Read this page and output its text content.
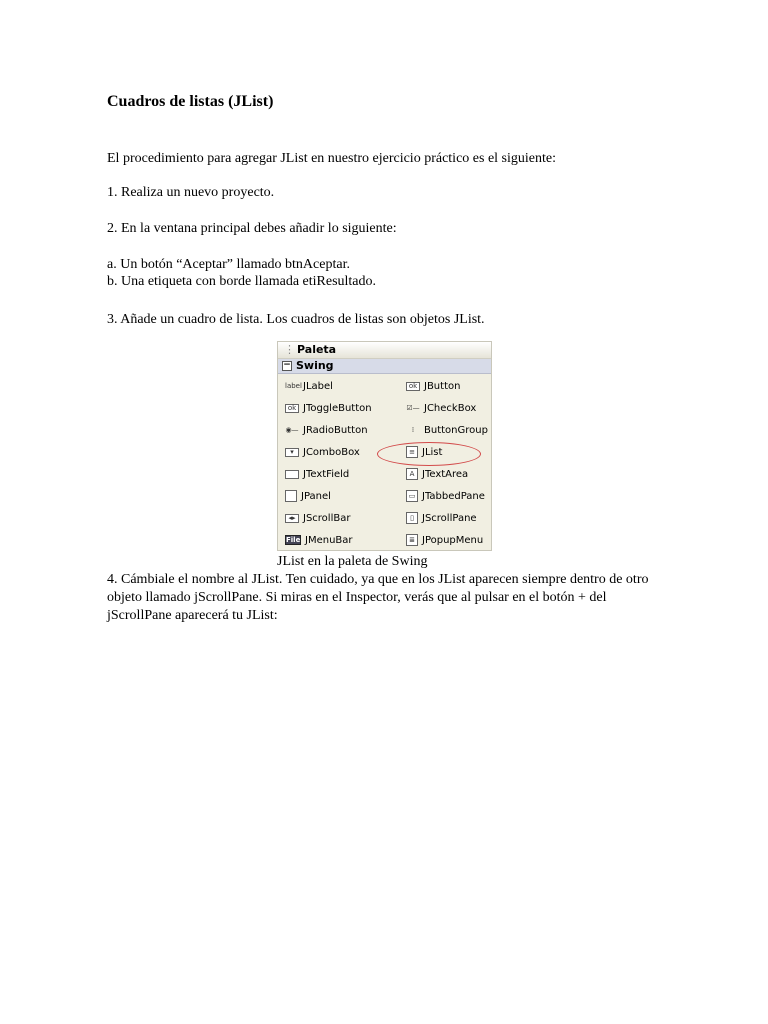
Cuadros de listas (JList)

El procedimiento para agregar JList en nuestro ejercicio práctico es el siguiente:

1. Realiza un nuevo proyecto.

2. En la ventana principal debes añadir lo siguiente:

a. Un botón “Aceptar” llamado btnAceptar.

b. Una etiqueta con borde llamada etiResultado.

3. Añade un cuadro de lista. Los cuadros de listas son objetos JList.

⋮ Paleta
− Swing
labelJLabel
ok JToggleButton
◉— JRadioButton
▾ JComboBox
JTextField
JPanel
◂▸ JScrollBar
File JMenuBar
ok JButton
☑— JCheckBox
⁞ ButtonGroup
≡ JList
A JTextArea
▭ JTabbedPane
▯ JScrollPane
≣ JPopupMenu

JList en la paleta de Swing

4. Cámbiale el nombre al JList. Ten cuidado, ya que en los JList aparecen siempre dentro de otro objeto llamado jScrollPane. Si miras en el Inspector, verás que al pulsar en el botón + del jScrollPane aparecerá tu JList:
